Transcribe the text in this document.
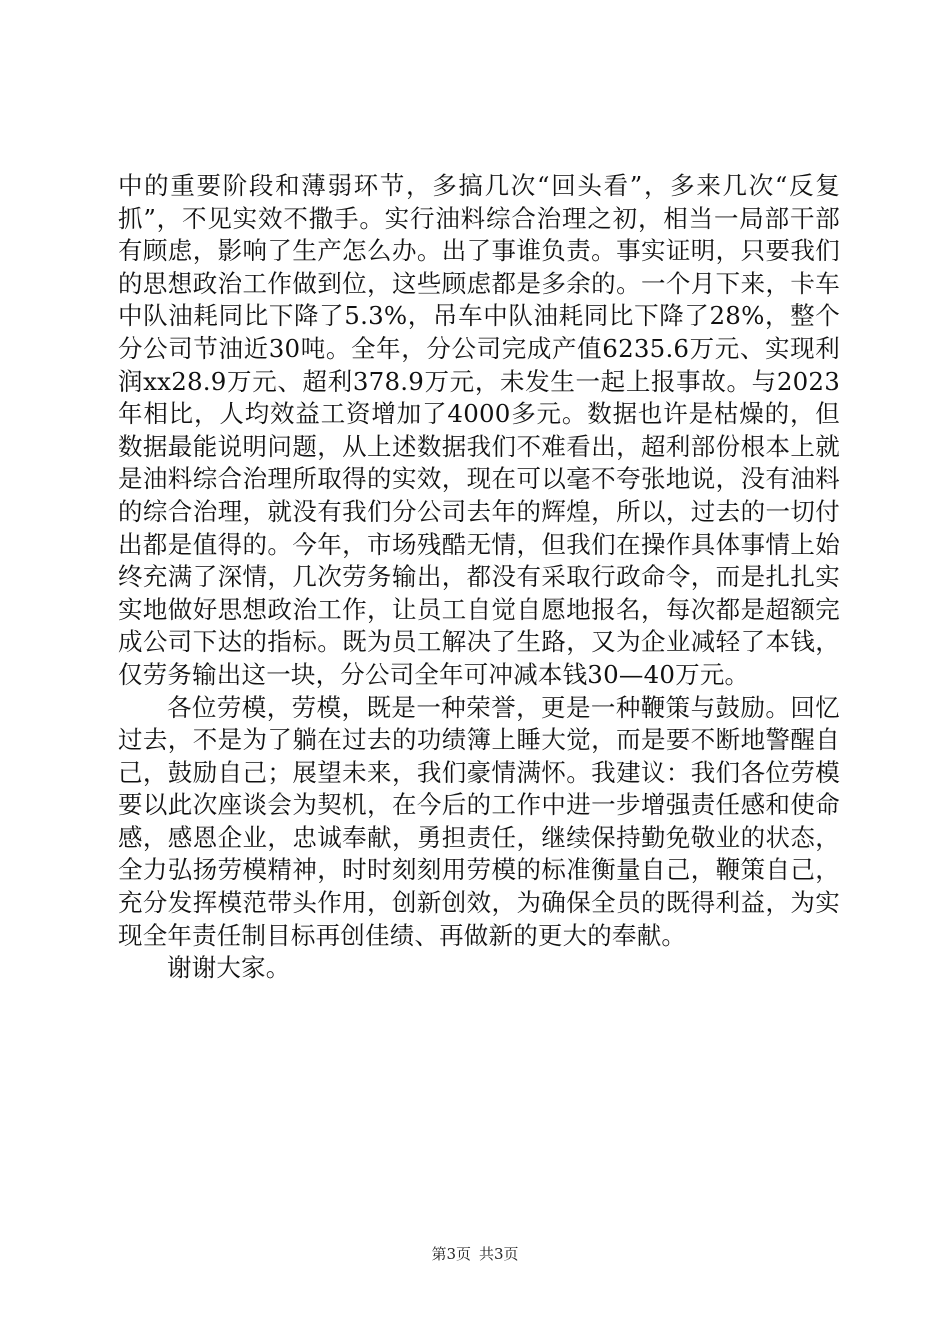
中的重要阶段和薄弱环节，多搞几次“回头看”，多来几次“反复抓”，不见实效不撒手。实行油料综合治理之初，相当一局部干部有顾虑，影响了生产怎么办。出了事谁负责。事实证明，只要我们的思想政治工作做到位，这些顾虑都是多余的。一个月下来，卡车中队油耗同比下降了5.3%，吊车中队油耗同比下降了28%，整个分公司节油近30吨。全年，分公司完成产值6235.6万元、实现利润xx28.9万元、超利378.9万元，未发生一起上报事故。与2023年相比，人均效益工资增加了4000多元。数据也许是枯燥的，但数据最能说明问题，从上述数据我们不难看出，超利部份根本上就是油料综合治理所取得的实效，现在可以毫不夸张地说，没有油料的综合治理，就没有我们分公司去年的辉煌，所以，过去的一切付出都是值得的。今年，市场残酷无情，但我们在操作具体事情上始终充满了深情，几次劳务输出，都没有采取行政命令，而是扎扎实实地做好思想政治工作，让员工自觉自愿地报名，每次都是超额完成公司下达的指标。既为员工解决了生路，又为企业减轻了本钱，仅劳务输出这一块，分公司全年可冲减本钱30—40万元。

各位劳模，劳模，既是一种荣誉，更是一种鞭策与鼓励。回忆过去，不是为了躺在过去的功绩簿上睡大觉，而是要不断地警醒自己，鼓励自己；展望未来，我们豪情满怀。我建议：我们各位劳模要以此次座谈会为契机，在今后的工作中进一步增强责任感和使命感，感恩企业，忠诚奉献，勇担责任，继续保持勤免敬业的状态，全力弘扬劳模精神，时时刻刻用劳模的标准衡量自己，鞭策自己，充分发挥模范带头作用，创新创效，为确保全员的既得利益，为实现全年责任制目标再创佳绩、再做新的更大的奉献。

谢谢大家。

第3页 共3页
